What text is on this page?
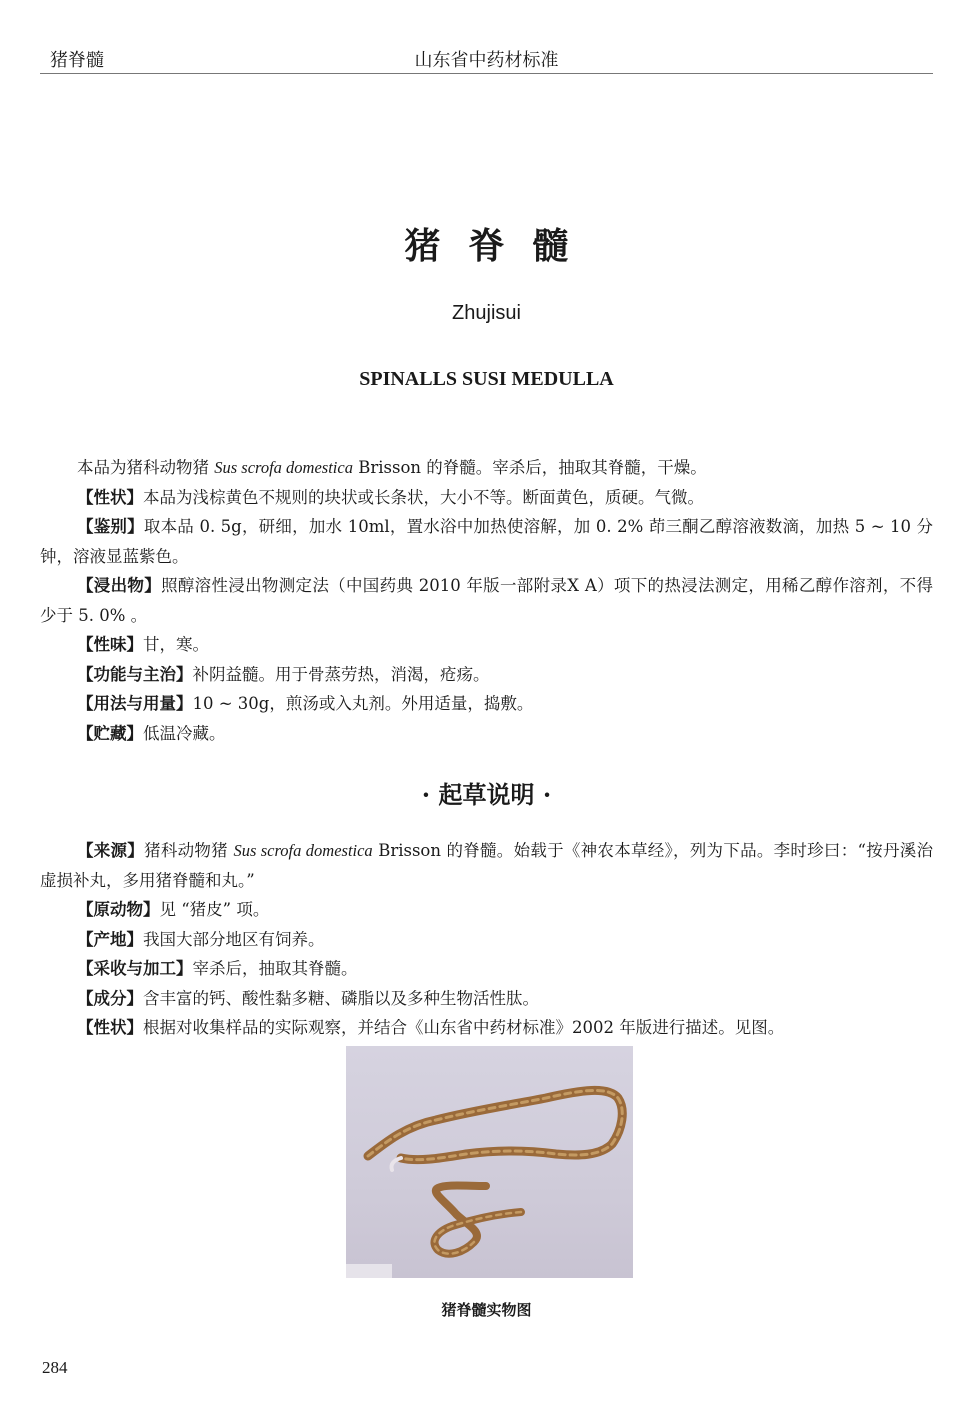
猪脊髓	山东省中药材标准
猪脊髓
Zhujisui
SPINALLS SUSI MEDULLA

本品为猪科动物猪 Sus scrofa domestica Brisson 的脊髓。宰杀后，抽取其脊髓，干燥。

【性状】本品为浅棕黄色不规则的块状或长条状，大小不等。断面黄色，质硬。气微。

【鉴别】取本品 0. 5g，研细，加水 10ml，置水浴中加热使溶解，加 0. 2% 茚三酮乙醇溶液数滴，加热 5 ~ 10 分钟，溶液显蓝紫色。

【浸出物】照醇溶性浸出物测定法（中国药典 2010 年版一部附录Ⅹ A）项下的热浸法测定，用稀乙醇作溶剂，不得少于 5. 0% 。

【性味】甘，寒。

【功能与主治】补阴益髓。用于骨蒸劳热，消渴，疮疡。

【用法与用量】10 ~ 30g，煎汤或入丸剂。外用适量，捣敷。

【贮藏】低温冷藏。

· 起草说明 ·

【来源】猪科动物猪 Sus scrofa domestica Brisson 的脊髓。始载于《神农本草经》，列为下品。李时珍曰：“按丹溪治虚损补丸，多用猪脊髓和丸。”

【原动物】见 “猪皮” 项。

【产地】我国大部分地区有饲养。

【采收与加工】宰杀后，抽取其脊髓。

【成分】含丰富的钙、酸性黏多糖、磷脂以及多种生物活性肽。

【性状】根据对收集样品的实际观察，并结合《山东省中药材标准》2002 年版进行描述。见图。

猪脊髓实物图
284
